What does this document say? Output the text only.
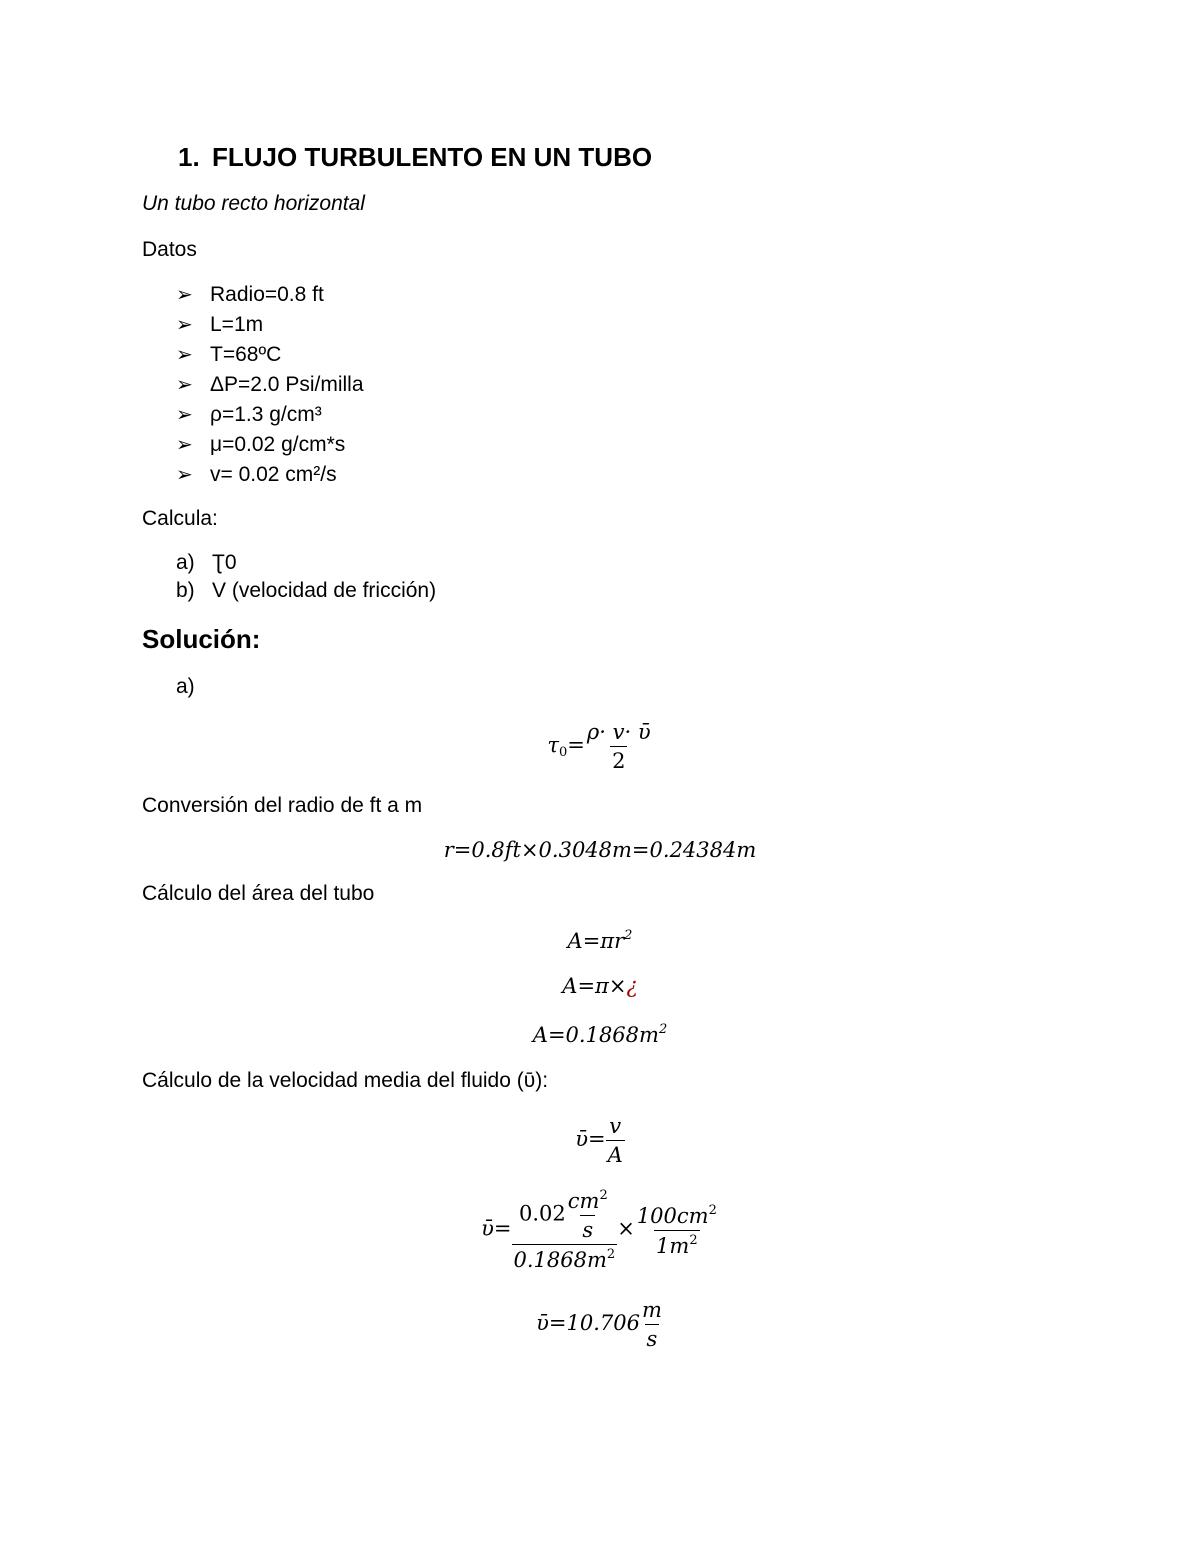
1. FLUJO TURBULENTO EN UN TUBO
Un tubo recto horizontal
Datos
➢ Radio=0.8 ft
➢ L=1m
➢ T=68ºC
➢ ΔP=2.0 Psi/milla
➢ ρ=1.3 g/cm³
➢ μ=0.02 g/cm*s
➢ v= 0.02 cm²/s
Calcula:
a) Ʈ0
b) V (velocidad de fricción)
Solución:
a)
$\tau_0= \frac{\text{ρ· v· ῡ}}{2}$
Conversión del radio de ft a m
r=0.8ft×0.3048m=0.24384m
Cálculo del área del tubo
$A=\pi r^2$
A=π×¿
$A=0.1868m^2$
Cálculo de la velocidad media del fluido (ῡ):
ῡ= $\frac{v}{A}$
ῡ= $\frac{0.02 \frac{cm^2}{s}}{0.1868m^2} \times \frac{100cm^2}{1m^2}$
ῡ=10.706 $\frac{m}{s}$
